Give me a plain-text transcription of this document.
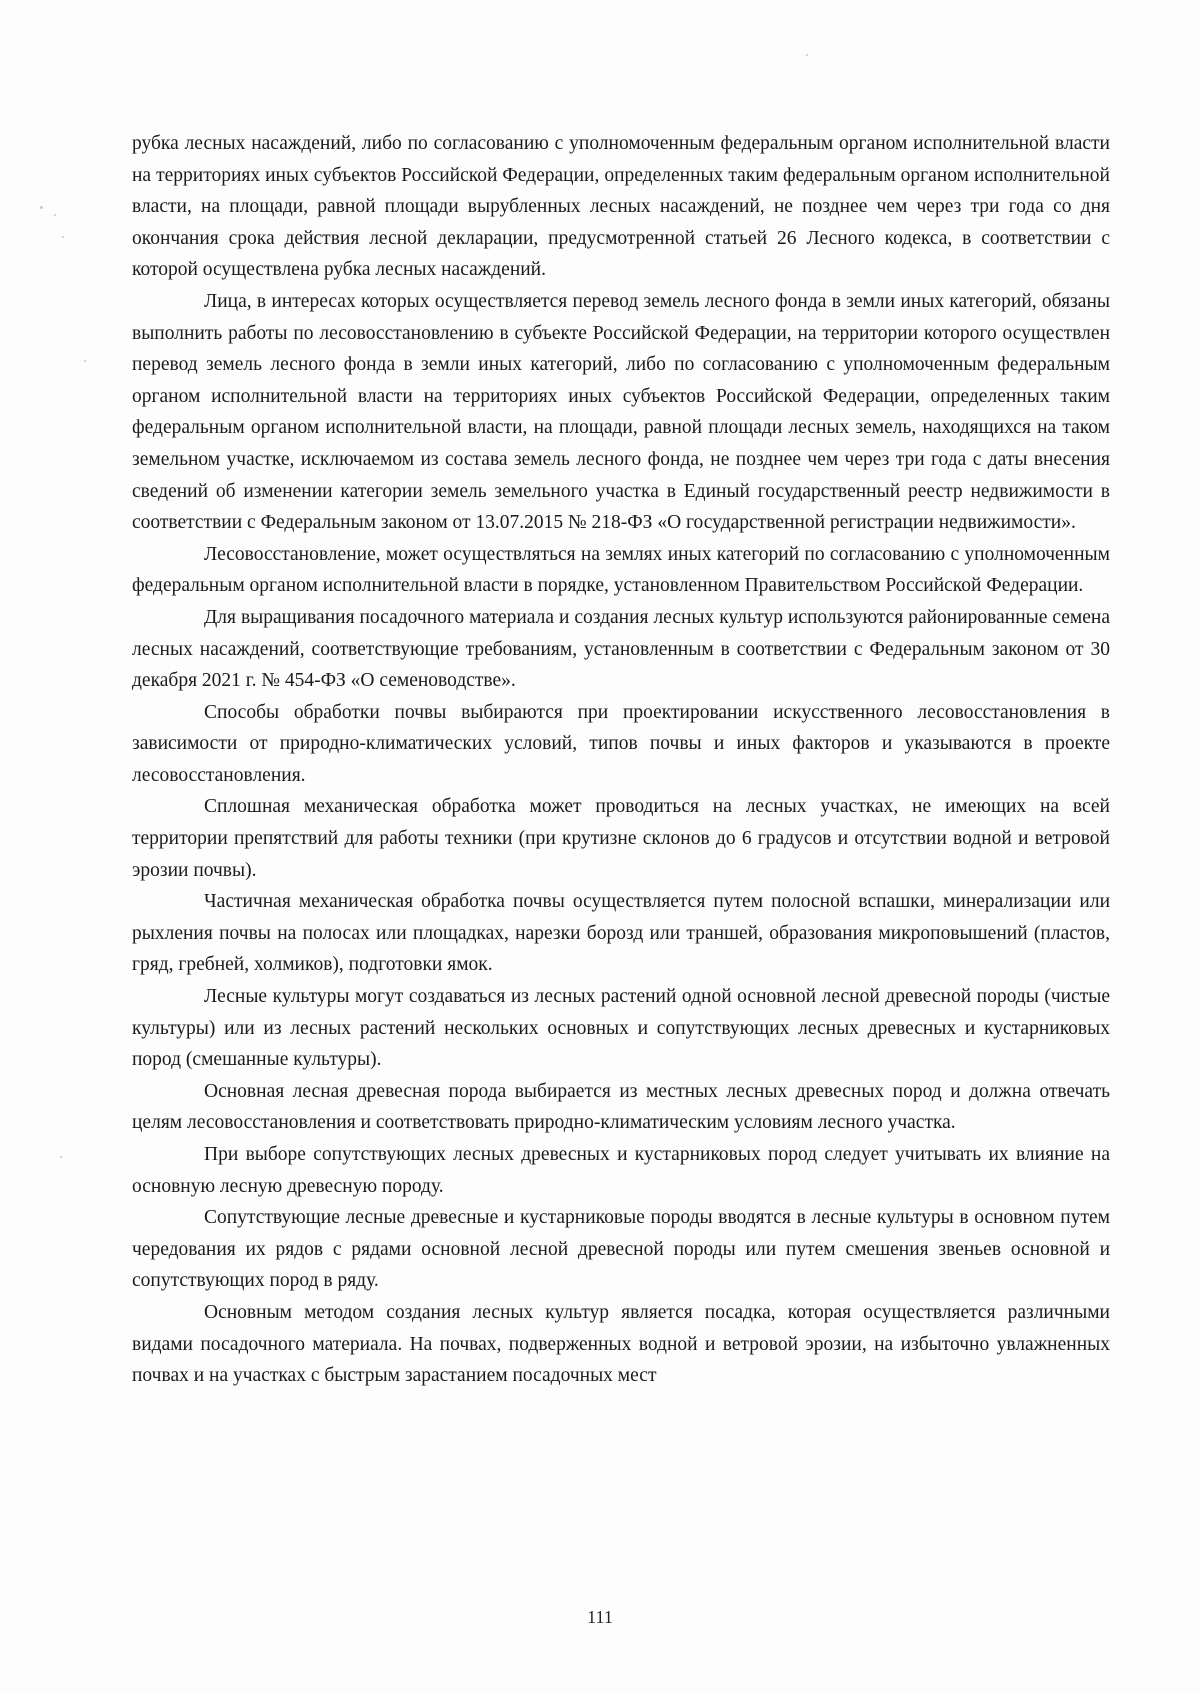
рубка лесных насаждений, либо по согласованию с уполномоченным федеральным органом исполнительной власти на территориях иных субъектов Российской Федерации, определенных таким федеральным органом исполнительной власти, на площади, равной площади вырубленных лесных насаждений, не позднее чем через три года со дня окончания срока действия лесной декларации, предусмотренной статьей 26 Лесного кодекса, в соответствии с которой осуществлена рубка лесных насаждений.

Лица, в интересах которых осуществляется перевод земель лесного фонда в земли иных категорий, обязаны выполнить работы по лесовосстановлению в субъекте Российской Федерации, на территории которого осуществлен перевод земель лесного фонда в земли иных категорий, либо по согласованию с уполномоченным федеральным органом исполнительной власти на территориях иных субъектов Российской Федерации, определенных таким федеральным органом исполнительной власти, на площади, равной площади лесных земель, находящихся на таком земельном участке, исключаемом из состава земель лесного фонда, не позднее чем через три года с даты внесения сведений об изменении категории земель земельного участка в Единый государственный реестр недвижимости в соответствии с Федеральным законом от 13.07.2015 № 218-ФЗ «О государственной регистрации недвижимости».

Лесовосстановление, может осуществляться на землях иных категорий по согласованию с уполномоченным федеральным органом исполнительной власти в порядке, установленном Правительством Российской Федерации.

Для выращивания посадочного материала и создания лесных культур используются районированные семена лесных насаждений, соответствующие требованиям, установленным в соответствии с Федеральным законом от 30 декабря 2021 г. № 454-ФЗ «О семеноводстве».

Способы обработки почвы выбираются при проектировании искусственного лесовосстановления в зависимости от природно-климатических условий, типов почвы и иных факторов и указываются в проекте лесовосстановления.

Сплошная механическая обработка может проводиться на лесных участках, не имеющих на всей территории препятствий для работы техники (при крутизне склонов до 6 градусов и отсутствии водной и ветровой эрозии почвы).

Частичная механическая обработка почвы осуществляется путем полосной вспашки, минерализации или рыхления почвы на полосах или площадках, нарезки борозд или траншей, образования микроповышений (пластов, гряд, гребней, холмиков), подготовки ямок.

Лесные культуры могут создаваться из лесных растений одной основной лесной древесной породы (чистые культуры) или из лесных растений нескольких основных и сопутствующих лесных древесных и кустарниковых пород (смешанные культуры).

Основная лесная древесная порода выбирается из местных лесных древесных пород и должна отвечать целям лесовосстановления и соответствовать природно-климатическим условиям лесного участка.

При выборе сопутствующих лесных древесных и кустарниковых пород следует учитывать их влияние на основную лесную древесную породу.

Сопутствующие лесные древесные и кустарниковые породы вводятся в лесные культуры в основном путем чередования их рядов с рядами основной лесной древесной породы или путем смешения звеньев основной и сопутствующих пород в ряду.

Основным методом создания лесных культур является посадка, которая осуществляется различными видами посадочного материала. На почвах, подверженных водной и ветровой эрозии, на избыточно увлажненных почвах и на участках с быстрым зарастанием посадочных мест

111
